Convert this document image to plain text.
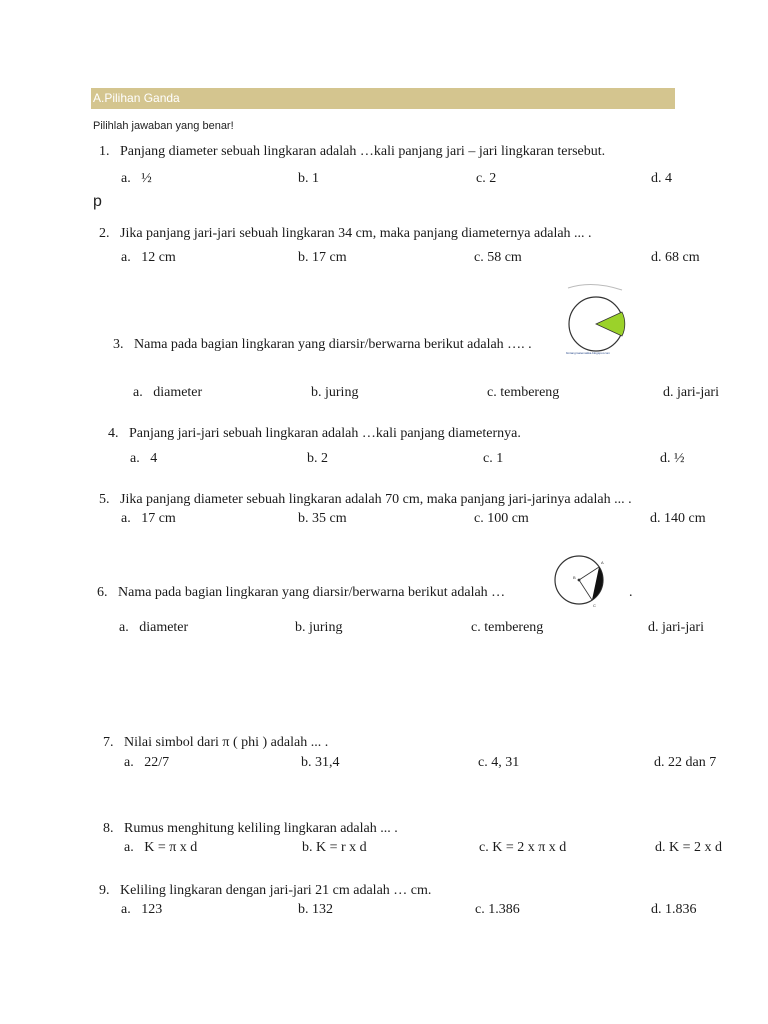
A.Pilihan Ganda
Pilihlah jawaban yang benar!
1.   Panjang diameter sebuah lingkaran adalah …kali panjang jari – jari lingkaran tersebut.
a.   ½	b. 1	c. 2	d. 4
p
2.   Jika panjang jari-jari sebuah lingkaran 34 cm, maka panjang diameternya adalah ... .
a.   12 cm	b. 17 cm	c. 58 cm	d. 68 cm
bintangmatematika.blogspot.com
3.   Nama pada bagian lingkaran yang diarsir/berwarna berikut adalah …. .
a.   diameter	b. juring	c. tembereng	d. jari-jari
4.   Panjang jari-jari sebuah lingkaran adalah …kali panjang diameternya.
a.   4	b. 2	c. 1	d. ½
5.   Jika panjang diameter sebuah lingkaran adalah 70 cm, maka panjang jari-jarinya adalah ... .
a.   17 cm	b. 35 cm	c. 100 cm	d. 140 cm
6.   Nama pada bagian lingkaran yang diarsir/berwarna berikut adalah …
A
B
C
.
a.   diameter	b. juring	c. tembereng	d. jari-jari
7.   Nilai simbol dari π ( phi ) adalah ... .
a.   22/7	b. 31,4	c. 4, 31	d. 22 dan 7
8.   Rumus menghitung keliling lingkaran adalah ... .
a.   K = π x d	b. K = r x d	c. K = 2 x π x d	d. K = 2 x d
9.   Keliling lingkaran dengan jari-jari 21 cm adalah … cm.
a.   123	b. 132	c. 1.386	d. 1.836
